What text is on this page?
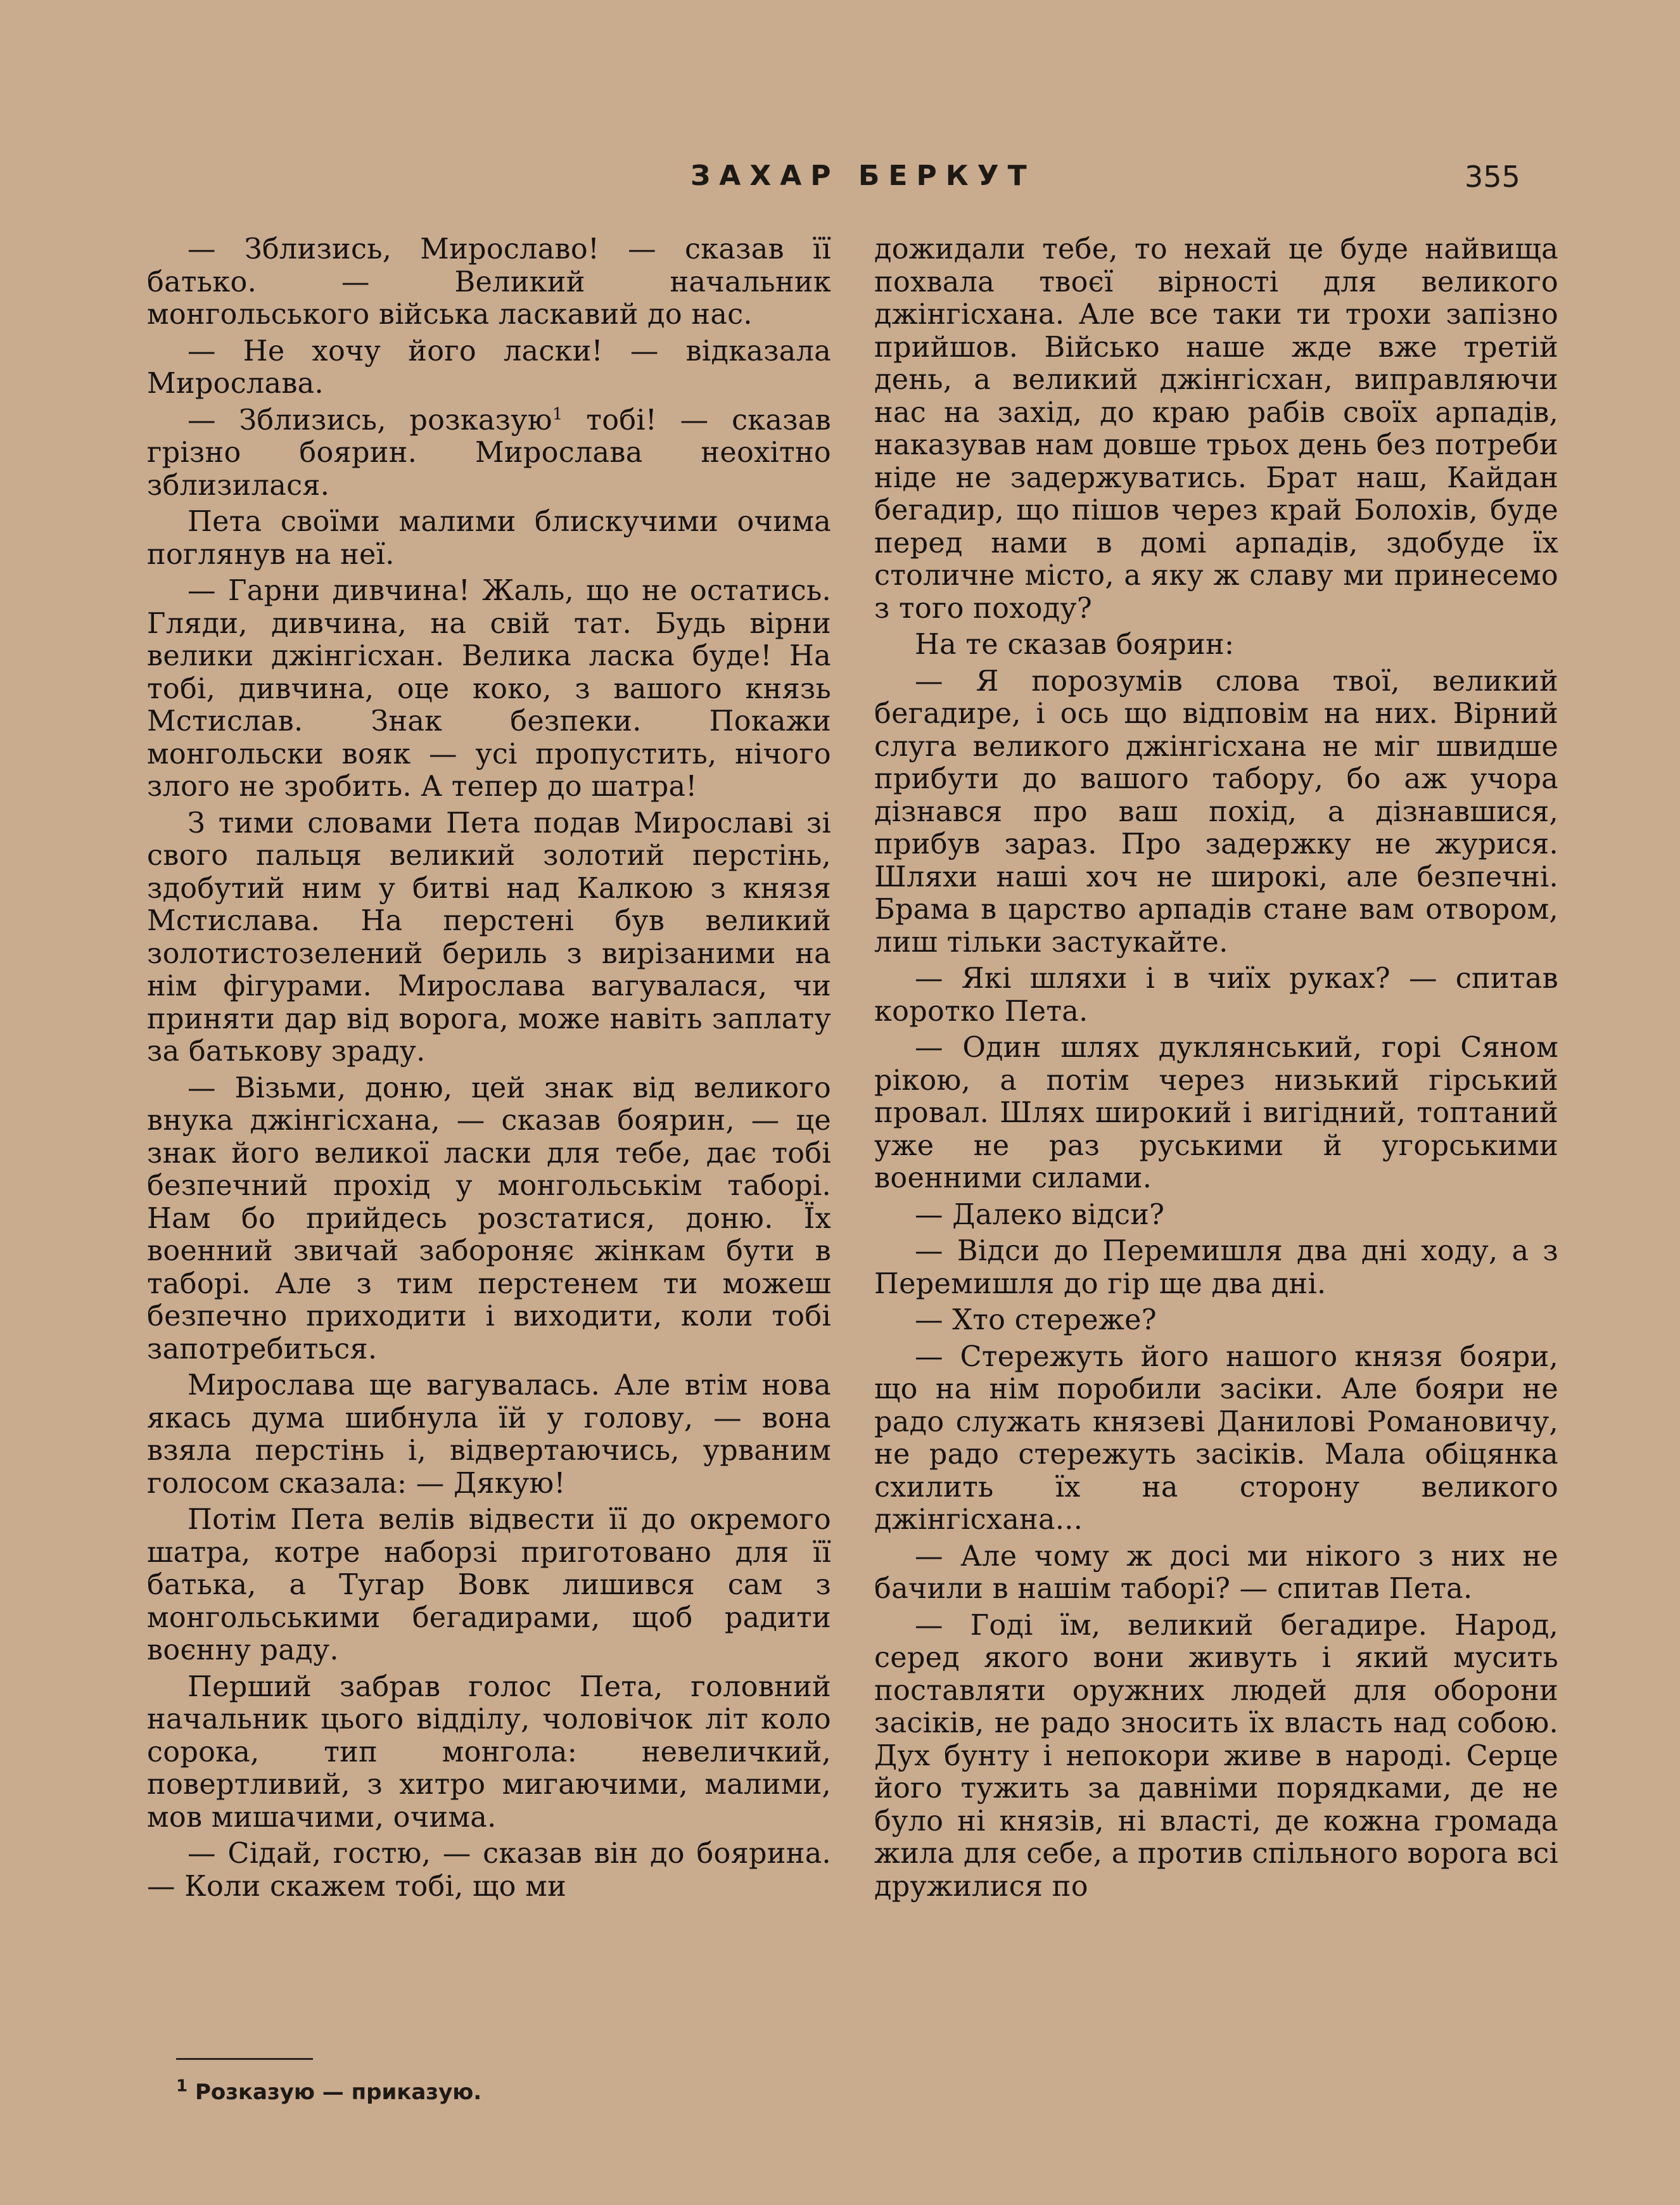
ЗАХАР БЕРКУТ	355

— Зблизись, Мирославо! — сказав її батько. — Великий начальник монгольського війська ласкавий до нас.

— Не хочу його ласки! — відказала Мирослава.

— Зблизись, розказую$^1$ тобі! — сказав грізно боярин. Мирослава неохітно зблизилася.

Пета своїми малими блискучими очима поглянув на неї.

— Гарни дивчина! Жаль, що не остатись. Гляди, дивчина, на свій тат. Будь вірни велики джінгісхан. Велика ласка буде! На тобі, дивчина, оце коко, з вашого князь Мстислав. Знак безпеки. Покажи монгольски вояк — усі пропустить, нічого злого не зробить. А тепер до шатра!

З тими словами Пета подав Мирославі зі свого пальця великий золотий перстінь, здобутий ним у битві над Калкою з князя Мстислава. На перстені був великий золотистозелений бериль з вирізаними на нім фігурами. Мирослава вагувалася, чи приняти дар від ворога, може навіть заплату за батькову зраду.

— Візьми, доню, цей знак від великого внука джінгісхана, — сказав боярин, — це знак його великої ласки для тебе, дає тобі безпечний прохід у монгольськім таборі. Нам бо прийдесь розстатися, доню. Їх военний звичай забороняє жінкам бути в таборі. Але з тим перстенем ти можеш безпечно приходити і виходити, коли тобі запотребиться.

Мирослава ще вагувалась. Але втім нова якась дума шибнула їй у голову, — вона взяла перстінь і, відвертаючись, урваним голосом сказала: — Дякую!

Потім Пета велів відвести її до окремого шатра, котре наборзі приготовано для її батька, а Тугар Вовк лишився сам з монгольськими бегадирами, щоб радити воєнну раду.

Перший забрав голос Пета, головний начальник цього відділу, чоловічок літ коло сорока, тип монгола: невеличкий, повертливий, з хитро мигаючими, малими, мов мишачими, очима.

— Сідай, гостю, — сказав він до боярина. — Коли скажем тобі, що ми

дожидали тебе, то нехай це буде найвища похвала твоєї вірності для великого джінгісхана. Але все таки ти трохи запізно прийшов. Військо наше жде вже третій день, а великий джінгісхан, виправляючи нас на захід, до краю рабів своїх арпадів, наказував нам довше трьох день без потреби ніде не задержуватись. Брат наш, Кайдан бегадир, що пішов через край Болохів, буде перед нами в домі арпадів, здобуде їх столичне місто, а яку ж славу ми принесемо з того походу?

На те сказав боярин:

— Я порозумів слова твої, великий бегадире, і ось що відповім на них. Вірний слуга великого джінгісхана не міг швидше прибути до вашого табору, бо аж учора дізнався про ваш похід, а дізнавшися, прибув зараз. Про задержку не журися. Шляхи наші хоч не широкі, але безпечні. Брама в царство арпадів стане вам отвором, лиш тільки застукайте.

— Які шляхи і в чиїх руках? — спитав коротко Пета.

— Один шлях дуклянський, горі Сяном рікою, а потім через низький гірський провал. Шлях широкий і вигідний, топтаний уже не раз руськими й угорськими военними силами.

— Далеко відси?

— Відси до Перемишля два дні ходу, а з Перемишля до гір ще два дні.

— Хто стереже?

— Стережуть його нашого князя бояри, що на нім поробили засіки. Але бояри не радо служать князеві Данилові Романовичу, не радо стережуть засіків. Мала обіцянка схилить їх на сторону великого джінгісхана...

— Але чому ж досі ми нікого з них не бачили в нашім таборі? — спитав Пета.

— Годі їм, великий бегадире. Народ, серед якого вони живуть і який мусить поставляти оружних людей для оборони засіків, не радо зносить їх власть над собою. Дух бунту і непокори живе в народі. Серце його тужить за давніми порядками, де не було ні князів, ні власті, де кожна громада жила для себе, а против спільного ворога всі дружилися по

$^1$ Розказую — приказую.
